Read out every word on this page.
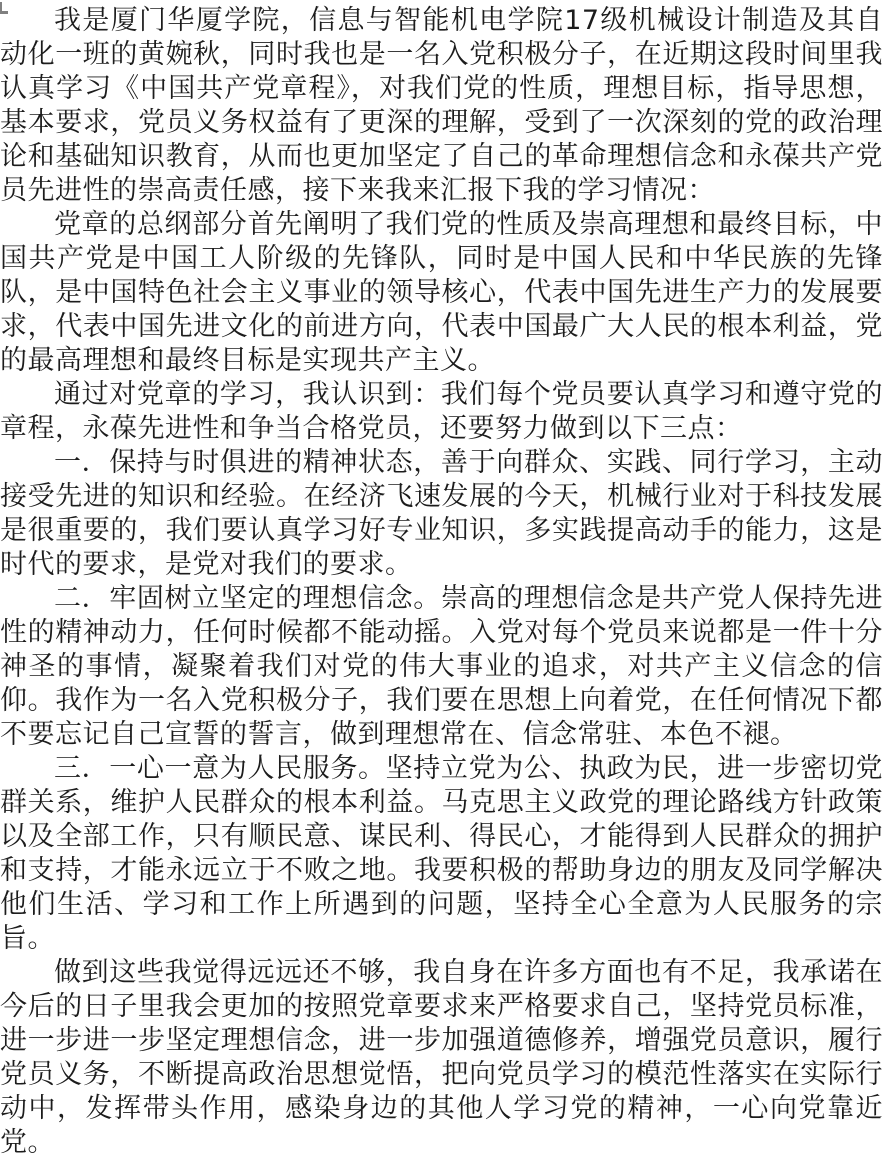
我是厦门华厦学院，信息与智能机电学院17级机械设计制造及其自动化一班的黄婉秋，同时我也是一名入党积极分子，在近期这段时间里我认真学习《中国共产党章程》，对我们党的性质，理想目标，指导思想，基本要求，党员义务权益有了更深的理解，受到了一次深刻的党的政治理论和基础知识教育，从而也更加坚定了自己的革命理想信念和永葆共产党员先进性的崇高责任感，接下来我来汇报下我的学习情况：

党章的总纲部分首先阐明了我们党的性质及崇高理想和最终目标，中国共产党是中国工人阶级的先锋队，同时是中国人民和中华民族的先锋队，是中国特色社会主义事业的领导核心，代表中国先进生产力的发展要求，代表中国先进文化的前进方向，代表中国最广大人民的根本利益，党的最高理想和最终目标是实现共产主义。

通过对党章的学习，我认识到：我们每个党员要认真学习和遵守党的章程，永葆先进性和争当合格党员，还要努力做到以下三点：

一．保持与时俱进的精神状态，善于向群众、实践、同行学习，主动接受先进的知识和经验。在经济飞速发展的今天，机械行业对于科技发展是很重要的，我们要认真学习好专业知识，多实践提高动手的能力，这是时代的要求，是党对我们的要求。

二．牢固树立坚定的理想信念。崇高的理想信念是共产党人保持先进性的精神动力，任何时候都不能动摇。入党对每个党员来说都是一件十分神圣的事情，凝聚着我们对党的伟大事业的追求，对共产主义信念的信仰。我作为一名入党积极分子，我们要在思想上向着党，在任何情况下都不要忘记自己宣誓的誓言，做到理想常在、信念常驻、本色不褪。

三．一心一意为人民服务。坚持立党为公、执政为民，进一步密切党群关系，维护人民群众的根本利益。马克思主义政党的理论路线方针政策以及全部工作，只有顺民意、谋民利、得民心，才能得到人民群众的拥护和支持，才能永远立于不败之地。我要积极的帮助身边的朋友及同学解决他们生活、学习和工作上所遇到的问题，坚持全心全意为人民服务的宗旨。

做到这些我觉得远远还不够，我自身在许多方面也有不足，我承诺在今后的日子里我会更加的按照党章要求来严格要求自己，坚持党员标准，进一步进一步坚定理想信念，进一步加强道德修养，增强党员意识，履行党员义务，不断提高政治思想觉悟，把向党员学习的模范性落实在实际行动中，发挥带头作用，感染身边的其他人学习党的精神，一心向党靠近党。
